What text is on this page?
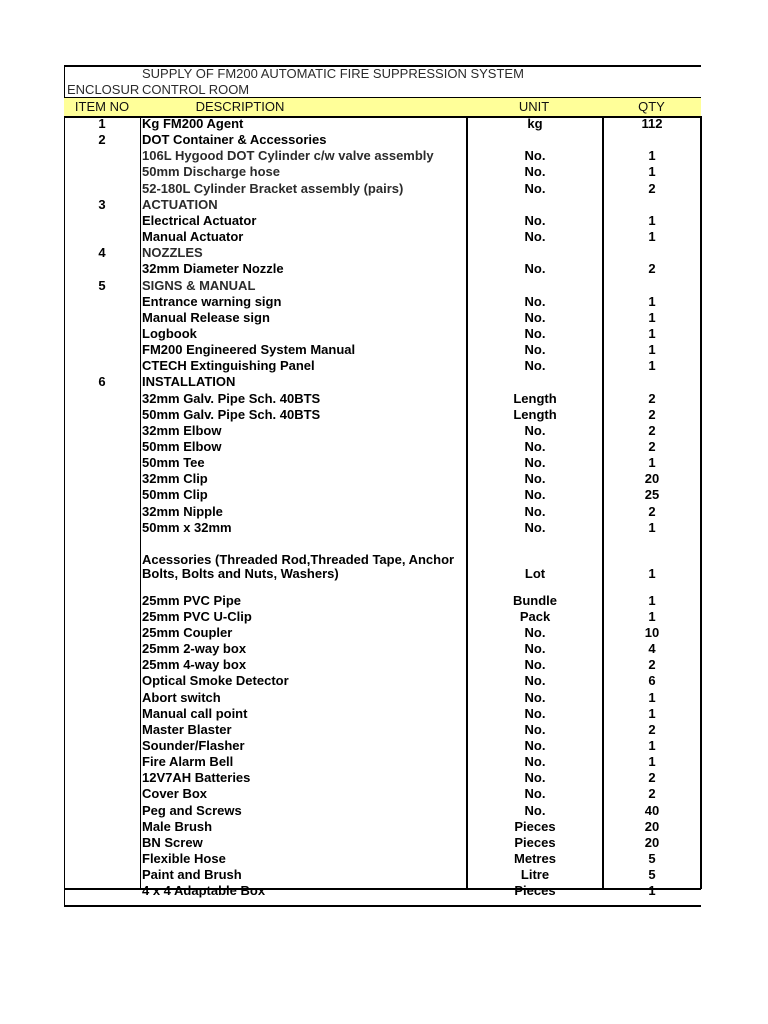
SUPPLY OF FM200 AUTOMATIC FIRE SUPPRESSION SYSTEM
ENCLOSUR CONTROL ROOM
ITEM NO	DESCRIPTION	UNIT	QTY
1	Kg FM200 Agent	kg	112
2	DOT Container & Accessories
106L Hygood DOT Cylinder c/w valve assembly	No.	1
50mm Discharge hose	No.	1
52-180L Cylinder Bracket assembly (pairs)	No.	2
3	ACTUATION
Electrical Actuator	No.	1
Manual Actuator	No.	1
4	NOZZLES
32mm Diameter Nozzle	No.	2
5	SIGNS & MANUAL
Entrance warning sign	No.	1
Manual Release sign	No.	1
Logbook	No.	1
FM200 Engineered System Manual	No.	1
CTECH Extinguishing Panel	No.	1
6	INSTALLATION
32mm Galv. Pipe Sch. 40BTS	Length	2
50mm Galv. Pipe Sch. 40BTS	Length	2
32mm Elbow	No.	2
50mm Elbow	No.	2
50mm Tee	No.	1
32mm Clip	No.	20
50mm Clip	No.	25
32mm Nipple	No.	2
50mm x 32mm	No.	1
Acessories (Threaded Rod,Threaded Tape, Anchor
Bolts, Bolts and Nuts, Washers)	Lot	1
25mm PVC Pipe	Bundle	1
25mm PVC U-Clip	Pack	1
25mm Coupler	No.	10
25mm 2-way box	No.	4
25mm 4-way box	No.	2
Optical Smoke Detector	No.	6
Abort switch	No.	1
Manual call point	No.	1
Master Blaster	No.	2
Sounder/Flasher	No.	1
Fire Alarm Bell	No.	1
12V7AH Batteries	No.	2
Cover Box	No.	2
Peg and Screws	No.	40
Male Brush	Pieces	20
BN Screw	Pieces	20
Flexible Hose	Metres	5
Paint and Brush	Litre	5
4 x 4 Adaptable Box	Pieces	1
